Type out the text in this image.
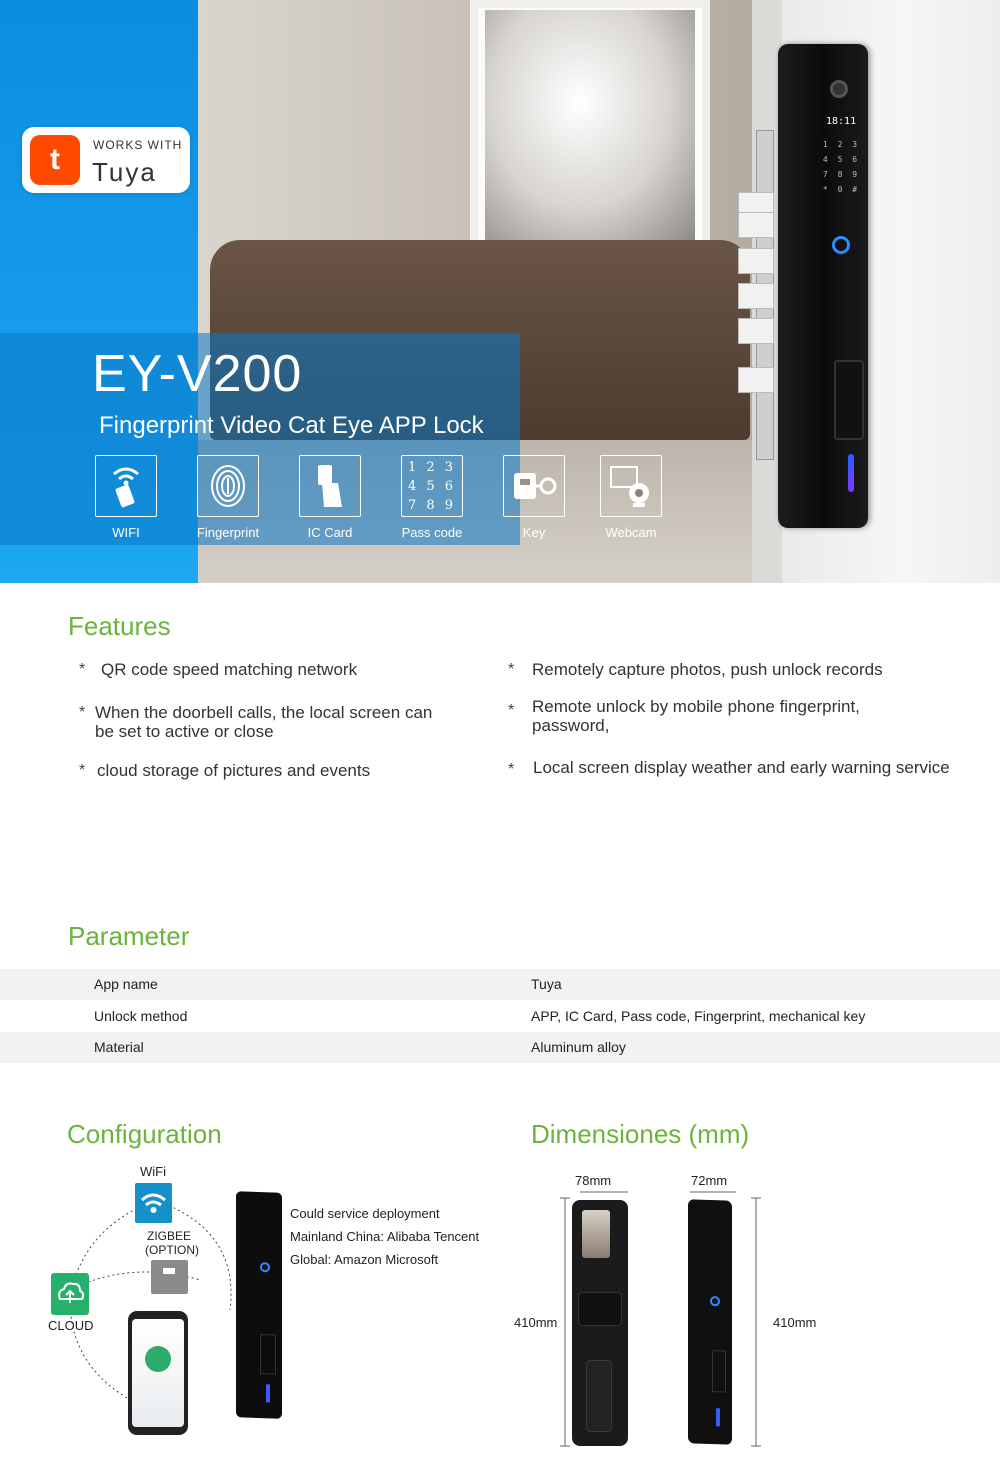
18:11
1	2	3
4	5	6
7	8	9
*	0	#
t	WORKS WITH
Tuya
EY-V200
Fingerprint Video Cat Eye APP Lock
WIFI	Fingerprint	IC Card
1 2 3
4 5 6
7 8 9
Pass code	Key	Webcam
Features
* QR code speed matching network
* When the doorbell calls, the local screen can be set to active or close
* cloud storage of pictures and events
* Remotely capture photos, push unlock records
* Remote unlock by mobile phone fingerprint, password,
* Local screen display weather and early warning service
Parameter
App name	Tuya
Unlock method	APP, IC Card, Pass code, Fingerprint, mechanical key
Material	Aluminum alloy
Configuration
WiFi
ZIGBEE
(OPTION)
CLOUD
Could service deployment
Mainland China: Alibaba Tencent
Global: Amazon Microsoft
Dimensiones (mm)
78mm	72mm
410mm	410mm
